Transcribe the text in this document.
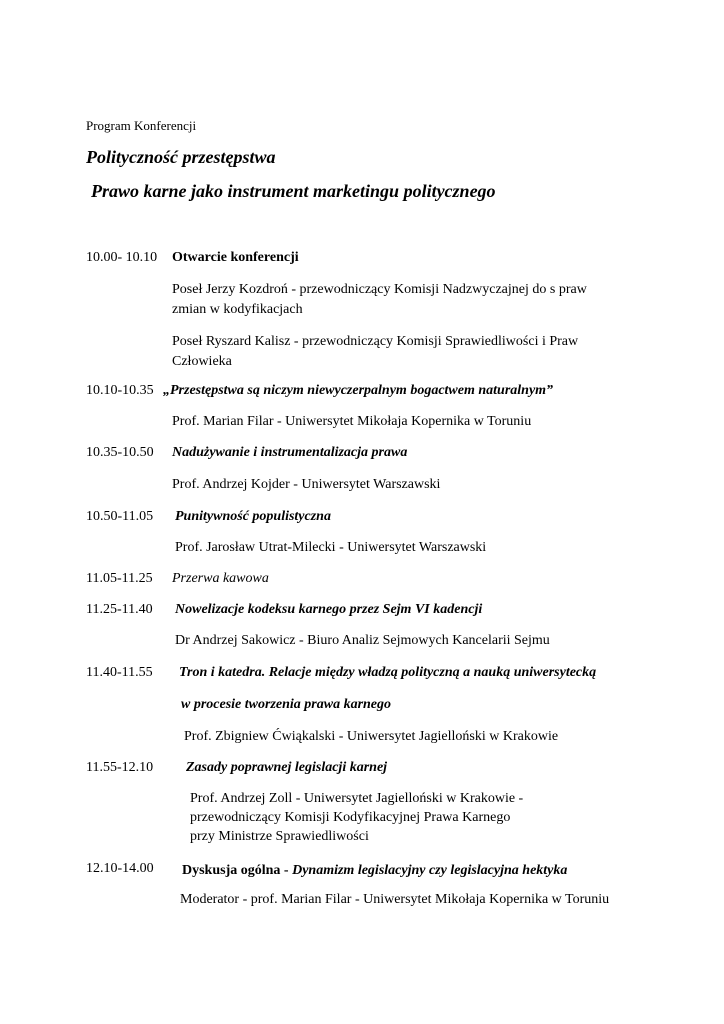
Program Konferencji
Polityczność przestępstwa
Prawo karne jako instrument marketingu politycznego
10.00- 10.10 Otwarcie konferencji
Poseł Jerzy Kozdroń - przewodniczący Komisji Nadzwyczajnej do s praw zmian w kodyfikacjach
Poseł Ryszard Kalisz - przewodniczący Komisji Sprawiedliwości i Praw Człowieka
10.10-10.35 „Przestępstwa są niczym niewyczerpalnym bogactwem naturalnym”
Prof. Marian Filar - Uniwersytet Mikołaja Kopernika w Toruniu
10.35-10.50 Nadużywanie i instrumentalizacja prawa
Prof. Andrzej Kojder - Uniwersytet Warszawski
10.50-11.05 Punitywność populistyczna
Prof. Jarosław Utrat-Milecki - Uniwersytet Warszawski
11.05-11.25 Przerwa kawowa
11.25-11.40 Nowelizacje kodeksu karnego przez Sejm VI kadencji
Dr Andrzej Sakowicz - Biuro Analiz Sejmowych Kancelarii Sejmu
11.40-11.55 Tron i katedra. Relacje między władzą polityczną a nauką uniwersytecką
w procesie tworzenia prawa karnego
Prof. Zbigniew Ćwiąkalski - Uniwersytet Jagielloński w Krakowie
11.55-12.10 Zasady poprawnej legislacji karnej
Prof. Andrzej Zoll - Uniwersytet Jagielloński w Krakowie -
przewodniczący Komisji Kodyfikacyjnej Prawa Karnego
przy Ministrze Sprawiedliwości
12.10-14.00 Dyskusja ogólna - Dynamizm legislacyjny czy legislacyjna hektyka
Moderator - prof. Marian Filar - Uniwersytet Mikołaja Kopernika w Toruniu
